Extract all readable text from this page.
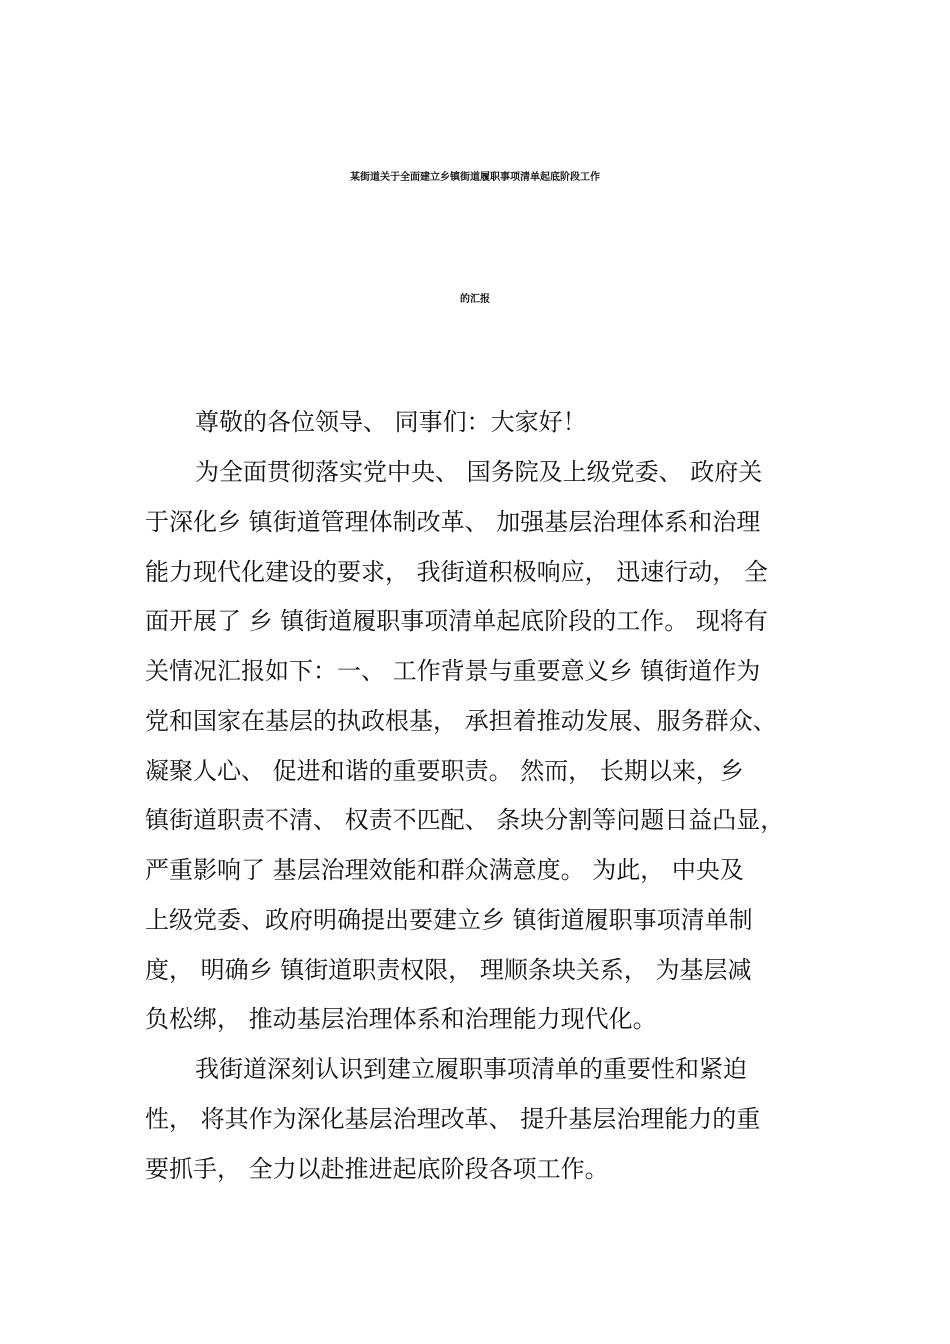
某街道关于全面建立乡镇街道履职事项清单起底阶段工作
的汇报
尊敬的各位领导、 同事们：大家好！
为全面贯彻落实党中央、 国务院及上级党委、 政府关
于深化乡 镇街道管理体制改革、 加强基层治理体系和治理
能力现代化建设的要求， 我街道积极响应， 迅速行动， 全
面开展了 乡 镇街道履职事项清单起底阶段的工作。 现将有
关情况汇报如下：一、 工作背景与重要意义乡 镇街道作为
党和国家在基层的执政根基， 承担着推动发展、服务群众、
凝聚人心、 促进和谐的重要职责。 然而， 长期以来，乡
镇街道职责不清、 权责不匹配、 条块分割等问题日益凸显，
严重影响了 基层治理效能和群众满意度。 为此， 中央及
上级党委、政府明确提出要建立乡 镇街道履职事项清单制
度， 明确乡 镇街道职责权限， 理顺条块关系， 为基层减
负松绑， 推动基层治理体系和治理能力现代化。
我街道深刻认识到建立履职事项清单的重要性和紧迫
性， 将其作为深化基层治理改革、 提升基层治理能力的重
要抓手， 全力以赴推进起底阶段各项工作。
